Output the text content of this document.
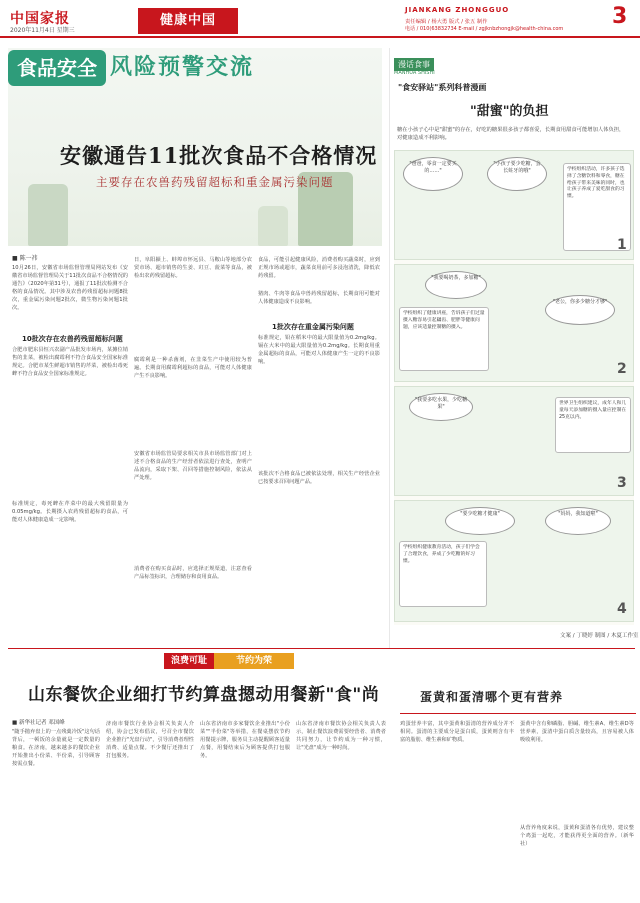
中国家报
2020年11月4日 星期三
健康中国
JIANKANG ZHONGGUO
责任编辑 / 杨大勇 版式 / 张五 制作
电话 / 010(63832734 E-mail / zgjknbzhongjk@health-china.com 3
食品安全 风险预警交流
安徽通告11批次食品不合格情况
主要存在农兽药残留超标和重金属污染问题
■ 陈一祎
10月26日，安徽省市场监督管理局网站发布《安徽省市场监督管理局关于11批次食品不合格情况的通告》（2020年第31号），通报了11批次检测不合格的食品情况。其中涉及农兽药残留超标问题8批次，重金属污染问题2批次，微生物污染问题1批次。
10批次存在农兽药残留超标问题
合肥市肥东县恒兴农副产品批发市场内，某摊位销售的韭菜，被检出腐霉利不符合食品安全国家标准规定。合肥市某生鲜超市销售的芹菜，被检出毒死蜱不符合食品安全国家标准规定。
标准规定，毒死蜱在芹菜中的最大残留限量为0.05mg/kg。长期摄入农药残留超标的食品，可能对人体健康造成一定影响。
日，阜阳颍上、蚌埠市怀远县、马鞍山等地部分农贸市场、超市销售的生姜、豇豆、菠菜等食品，被检出农药残留超标。
腐霉利是一种杀菌剂，在韭菜生产中使用较为普遍。长期食用腐霉利超标的食品，可能对人体健康产生不良影响。
安徽省市场监管局要求相关市县市场监管部门对上述不合格食品的生产经营者依法进行查处，查明产品流向，采取下架、召回等措施控制风险，依法从严处理。
消费者在购买食品时，应选择正规渠道，注意查看产品标签标识，合理储存和食用食品。
食品，可能引起健康风险，消费者购买蔬菜时，应到正规市场或超市，蔬菜食用前可多浸泡清洗，降低农药残留。
猪肉、牛肉等食品中兽药残留超标，长期食用可能对人体健康造成不良影响。
1批次存在重金属污染问题
标准规定，铅在稻米中的最大限量值为0.2mg/kg。镉在大米中的最大限量值为0.2mg/kg。长期食用重金属超标的食品，可能对人体健康产生一定的不良影响。
该批次不合格食品已被依法处理，相关生产经营企业已按要求召回问题产品。
漫话食事
MANHUA SHISHI
"食安驿站"系列科普漫画
"甜蜜"的负担
糖在小孩子心中是"甜蜜"的存在，好吃的糖果很多孩子都喜爱，长期食用甜食可能增加人体负担，对健康造成不利影响。
"爸爸，零食一定要买的……"
"小孩子要少吃糖，会长蛀牙的哦"	学校组织活动，许多孩子选择了含糖饮料和零食，糖在给孩子带来美味的同时，也让孩子养成了爱吃甜食的习惯。
1
"我要喝奶茶，多加糖"
"老公，你多少糖分才够"
学校组织了健康讲座，告诉孩子们过量摄入糖容易引起龋齿、肥胖等健康问题，应该适量控制糖的摄入。
2
"我要多吃水果，少吃糖果"	世界卫生组织建议，成年人和儿童每天添加糖的摄入量应控制在25克以内。
3
"要少吃糖才健康"	"妈妈，我知道啦"
学校组织健康教育活动，孩子们学会了合理饮食，养成了少吃糖的好习惯。
4
文案 / 丁晓婷 制图 / 木夏工作室
浪费可耻	节约为荣
山东餐饮企业细打节约算盘摁动用餐新"食"尚
■ 新华社记者 邓国峰
"随手抛弃盘上的一点残羹冷饭"这句话背后，一顿饭的余量就是一定数量的粮食。在济南，越来越多的餐饮企业开始推出小份菜、半份菜，引导顾客按需点餐。
济南市餐饮行业协会相关负责人介绍，协会已发布倡议，号召全市餐饮企业推行"光盘行动"，引导消费者理性消费、适量点餐。不少餐厅还推出了打包服务。
山东省济南市多家餐饮企业推出"小份菜""半份菜"等举措，在餐桌摆放节约用餐提示牌，服务员主动提醒顾客适量点餐，用餐结束后为顾客提供打包服务。
山东省济南市餐饮协会相关负责人表示，制止餐饮浪费需要经营者、消费者共同努力，让节约成为一种习惯，让"光盘"成为一种时尚。
蛋黄和蛋清哪个更有营养
鸡蛋营养丰富，其中蛋黄和蛋清的营养成分并不相同。蛋清的主要成分是蛋白质，蛋黄则含有丰富的脂肪、维生素和矿物质。
蛋黄中含有卵磷脂、胆碱、维生素A、维生素D等营养素，蛋清中蛋白质含量较高，且容易被人体吸收利用。
从营养角度来说，蛋黄和蛋清各有优势，建议整个鸡蛋一起吃，才能获得更全面的营养。（新华社）
